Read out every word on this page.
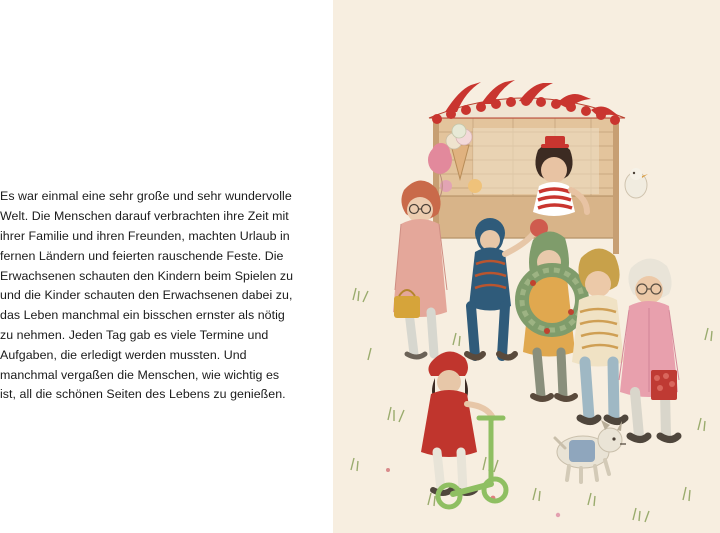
Es war einmal eine sehr große und sehr wundervolle Welt. Die Menschen darauf verbrachten ihre Zeit mit ihrer Familie und ihren Freunden, machten Urlaub in fernen Ländern und feierten rauschende Feste. Die Erwachsenen schauten den Kindern beim Spielen zu und die Kinder schauten den Erwachsenen dabei zu, das Leben manchmal ein bisschen ernster als nötig zu nehmen. Jeden Tag gab es viele Termine und Aufgaben, die erledigt werden mussten. Und manchmal vergaßen die Menschen, wie wichtig es ist, all die schönen Seiten des Lebens zu genießen.
